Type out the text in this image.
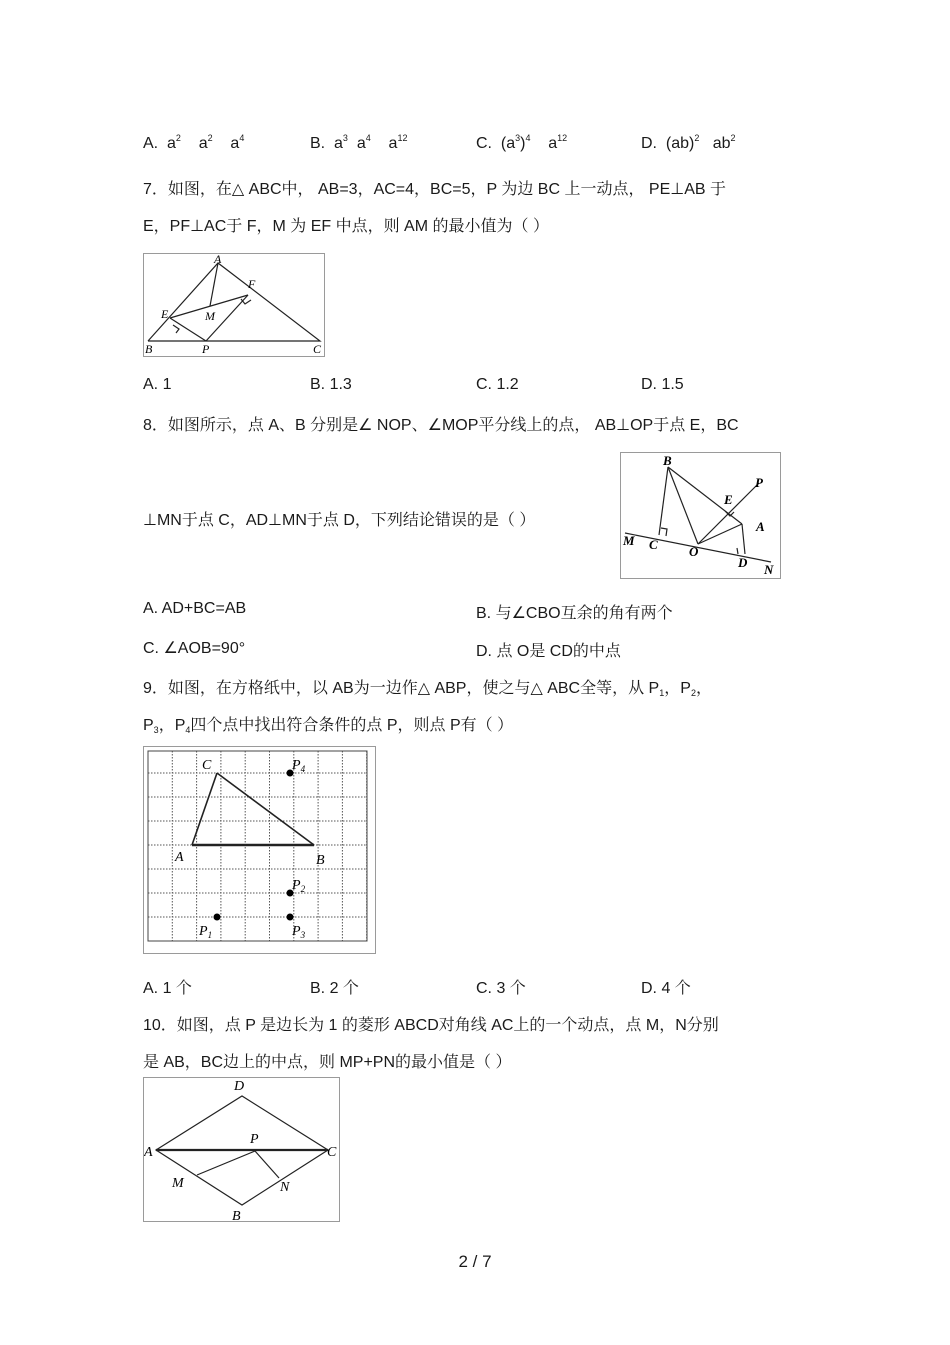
A. $a^2$ $a^2$ $a^4$	B. $a^3$ $a^4$ $a^{12}$	C. $(a^3)^4$ $a^{12}$	D. (ab)$^2$ $ab^2$
7．如图，在△ ABC中， AB=3，AC=4，BC=5，P 为边 BC 上一动点， PE⊥AB 于
E，PF⊥AC于 F，M 为 EF 中点，则 AM 的最小值为（ ）
A
B	C
E
F
M
P
A. 1	B. 1.3	C. 1.2	D. 1.5
8．如图所示，点 A、B 分别是∠ NOP、∠MOP平分线上的点， AB⊥OP于点 E，BC
B
P
E
A
M C O
D N
⊥MN于点 C，AD⊥MN于点 D，下列结论错误的是（ ）
A. AD+BC=AB	B. 与∠CBO互余的角有两个
C. ∠AOB=90°	D. 点 O是 CD的中点
9．如图，在方格纸中，以 AB为一边作△ ABP，使之与△ ABC全等，从 $P_1$，$P_2$，
$P_3$，$P_4$四个点中找出符合条件的点 P，则点 P有（ ）
C	$P_4$
A	B
$P_2$
$P_1$	$P_3$
A. 1 个	B. 2 个	C. 3 个	D. 4 个
10．如图，点 P 是边长为 1 的菱形 ABCD对角线 AC上的一个动点，点 M，N分别
是 AB，BC边上的中点，则 MP+PN的最小值是（ ）
D
A
P
C
M	N
B
2 / 7
